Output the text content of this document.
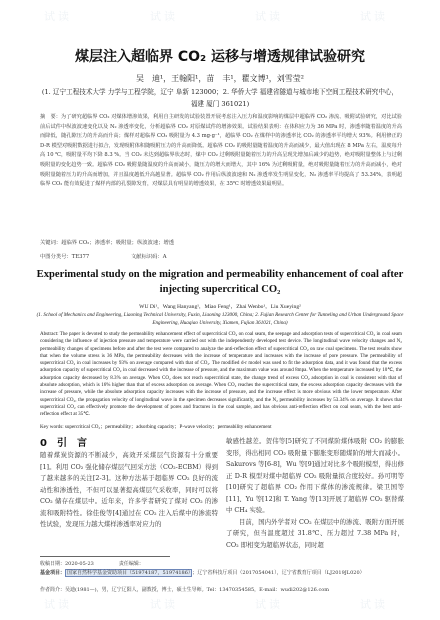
试读	试读	试读	试读
试读	试读	试读	试读
煤层注入超临界 CO₂ 运移与增透规律试验研究
吴　迪¹，王翰阳¹，苗　丰¹，瞿文博¹，刘雪莹²
(1. 辽宁工程技术大学 力学与工程学院，辽宁 阜新 123000；2. 华侨大学 福建省隧道与城市地下空间工程技术研究中心，福建 厦门 361021)
摘　要：为了研究超临界 CO₂ 对煤体增渗效果，利用自主研发的试验装置开展考虑注入压力和温度影响的煤层中超临界 CO₂ 渗流、吸附试验研究，对比试验前后试件中纵波波速变化以及 N₂ 渗透率变化，分析超临界 CO₂ 对原煤试件的增渗效果。试验结果表明：在体积应力为 36 MPa 时，渗透率随着温度的升高而降低，随孔隙压力的升高而升高；煤样对超临界 CO₂ 吸附量为 4.3 mg·g⁻¹，超临界 CO₂ 在煤样中的渗透率比 CO₂ 的渗透率平均增大 93%。利用修正的 D-R 模型对吸附数据进行拟合，发现吸附体积随吸附压力的升高而降低。超临界 CO₂ 的吸附量随着温度的升高而减少，最大值出现在 8 MPa 左右，温度每升高 10 ℃，吸附量平均下降 8.3 %。当 CO₂ 未达到超临界状态时，煤中 CO₂ 过剩吸附量随着压力的升高呈现先增加后减少的趋势，绝对吸附量整体上与过剩吸附量的变化趋势一致。超临界 CO₂ 吸附量随温度的升高而减小，随压力的增大而增大，其中 16% 为过剩吸附量，绝对吸附量随着压力的升高而减小，绝对吸附量随着压力的升高而增加，并且温度越低升高越显著。超临界 CO₂ 作用后纵波波速和 N₂ 渗透率发生明显变化，N₂ 渗透率平均提高了 53.34%，表明超临界 CO₂ 能有效促进了煤样内部的孔裂隙发育，对煤层具有明显的增透效果，在 35℃ 时增透效果最明显。
关键词：超临界 CO₂；渗透率；吸附量；纵波波速；增透
中图分类号：TE377	文献标识码：A
Experimental study on the migration and permeability enhancement of coal after injecting supercritical CO₂
WU Di¹，Wang Hanyang¹，Miao Feng¹，Zhai Wenbo¹，Liu Xueying²
(1. School of Mechanics and Engineering, Liaoning Technical University, Fuxin, Liaoning 123000, China; 2. Fujian Research Center for Tunneling and Urban Underground Space Engineering, Huaqiao University, Xiamen, Fujian 361021, China)
Abstract: The paper is devoted to study the permeability enhancement effect of supercritical CO₂ on coal seam, the seepage and adsorption tests of supercritical CO₂ in coal seam considering the influence of injection pressure and temperature were carried out with the independently developed test device. The longitudinal wave velocity changes and N₂ permeability changes of specimens before and after the test were compared to analyze the anti-reflection effect of supercritical CO₂ on raw coal specimens. The test results show that when the volume stress is 36 MPa, the permeability decreases with the increase of temperature and increases with the increase of pore pressure. The permeability of supercritical CO₂ in coal increases by 93% on average compared with that of CO₂. The modified d-r model was used to fit the adsorption data, and it was found that the excess adsorption capacity of supercritical CO₂ in coal decreased with the increase of pressure, and the maximum value was around 8mpa. When the temperature increased by 10℃, the adsorption capacity decreased by 8.3% on average. When CO₂ does not reach supercritical state, the change trend of excess CO₂ adsorption in coal is consistent with that of absolute adsorption, which is 16% higher than that of excess adsorption on average. When CO₂ reaches the supercritical state, the excess adsorption capacity decreases with the increase of pressure, while the absolute adsorption capacity increases with the increase of pressure, and the increase effect is more obvious with the lower temperature. After supercritical CO₂, the propagation velocity of longitudinal wave in the specimen decreases significantly, and the N₂ permeability increases by 53.34% on average. It shows that supercritical CO₂ can effectively promote the development of pores and fractures in the coal sample, and has obvious anti-reflection effect on coal seam, with the best anti-reflection effect at 35℃.
Key words: supercritical CO₂；permeability；adsorbing capacity；P-wave velocity；permeability enhancement
0　引　言
随着煤炭资源的不断减少，高效开采煤层气资源有十分重要[1]。利用 CO₂ 强化储存煤层气回采方法（CO₂-ECBM）得到了越来越多的关注[2-3]。这种方法基于超临界 CO₂ 良好的流动性和渗透性，不但可以显著提高煤层气采收率，同时可以将 CO₂ 储存在煤层中。近年来，许多学者研究了煤对 CO₂ 的渗流和吸附特性。徐佳俊等[4]通过在 CO₂ 注入后煤中的渗流特性试验，发现压力越大煤样渗透率对应力的
敏感性越差。贺伟等[5]研究了不同煤阶煤体吸附 CO₂ 的膨胀变形，得出相同 CO₂ 吸附量下膨胀变形随煤阶的增大而减小。Sakurovs 等[6-8]，Wu 等[9]通过对比多个吸附模型，得出修正 D-R 模型对煤中超临界 CO₂ 吸附量拟合度较好。孙可明等[10]研究了超临界 CO₂ 作用下煤体的渗流规律。梁卫国等[11]、Yu 等[12]和 T. Yang 等[13]开展了超临界 CO₂ 驱替煤中 CH₄ 实验。
　　目前，国内外学者对 CO₂ 在煤层中的渗流、吸附方面开展了研究，但当温度超过 31.8℃、压力超过 7.38 MPa 时，CO₂ 即相变为超临界状态，同时超
收稿日期：2020-05-23　　　　　责任编辑：
基金项目： 国家自然科学基金资助项目（51974187，51974186） ；辽宁省科技厅项目（2017054041），辽宁省教育厅项目（LJ2019JL020）
作者简介：吴迪(1981—)，男，辽宁辽阳人，副教授，博士，硕士生导师。Tel：13470354585，E-mail：wudi202@126.com
